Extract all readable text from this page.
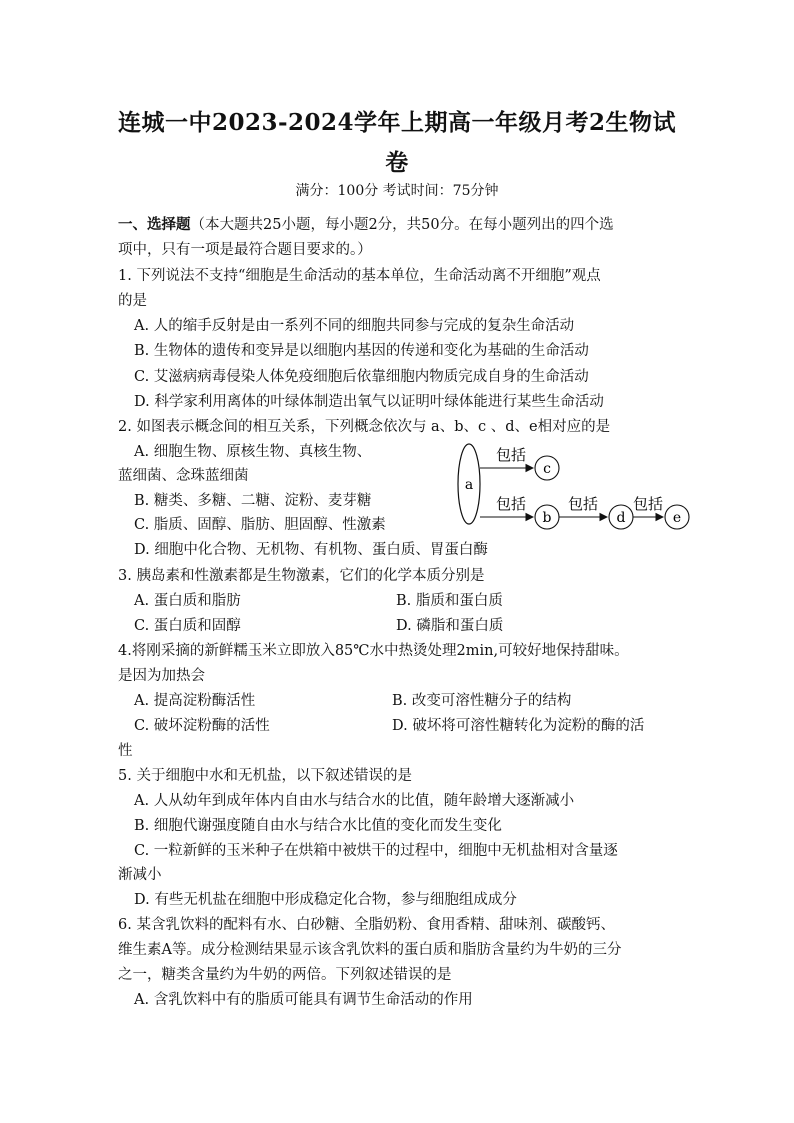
连城一中2023-2024学年上期高一年级月考2生物试
卷
满分：100分 考试时间：75分钟
一、选择题（本大题共25小题，每小题2分，共50分。在每小题列出的四个选
项中，只有一项是最符合题目要求的。）
1. 下列说法不支持“细胞是生命活动的基本单位，生命活动离不开细胞”观点
的是
A. 人的缩手反射是由一系列不同的细胞共同参与完成的复杂生命活动
B. 生物体的遗传和变异是以细胞内基因的传递和变化为基础的生命活动
C. 艾滋病病毒侵染人体免疫细胞后依靠细胞内物质完成自身的生命活动
D. 科学家利用离体的叶绿体制造出氧气以证明叶绿体能进行某些生命活动
2. 如图表示概念间的相互关系，下列概念依次与 a、b、c 、d、e相对应的是
A. 细胞生物、原核生物、真核生物、
蓝细菌、念珠蓝细菌
B. 糖类、多糖、二糖、淀粉、麦芽糖
C. 脂质、固醇、脂肪、胆固醇、性激素
D. 细胞中化合物、无机物、有机物、蛋白质、胃蛋白酶
a
包括
c
包括
b
包括
d
包括
e
3. 胰岛素和性激素都是生物激素，它们的化学本质分别是
A. 蛋白质和脂肪	B. 脂质和蛋白质
C. 蛋白质和固醇	D. 磷脂和蛋白质
4.将刚采摘的新鲜糯玉米立即放入85℃水中热烫处理2min,可较好地保持甜味。
是因为加热会
A. 提高淀粉酶活性	B. 改变可溶性糖分子的结构
C. 破坏淀粉酶的活性	D. 破坏将可溶性糖转化为淀粉的酶的活
性
5. 关于细胞中水和无机盐，以下叙述错误的是
A. 人从幼年到成年体内自由水与结合水的比值，随年龄增大逐渐减小
B. 细胞代谢强度随自由水与结合水比值的变化而发生变化
C. 一粒新鲜的玉米种子在烘箱中被烘干的过程中，细胞中无机盐相对含量逐
渐减小
D. 有些无机盐在细胞中形成稳定化合物，参与细胞组成成分
6. 某含乳饮料的配料有水、白砂糖、全脂奶粉、食用香精、甜味剂、碳酸钙、
维生素A等。成分检测结果显示该含乳饮料的蛋白质和脂肪含量约为牛奶的三分
之一，糖类含量约为牛奶的两倍。下列叙述错误的是
A. 含乳饮料中有的脂质可能具有调节生命活动的作用
